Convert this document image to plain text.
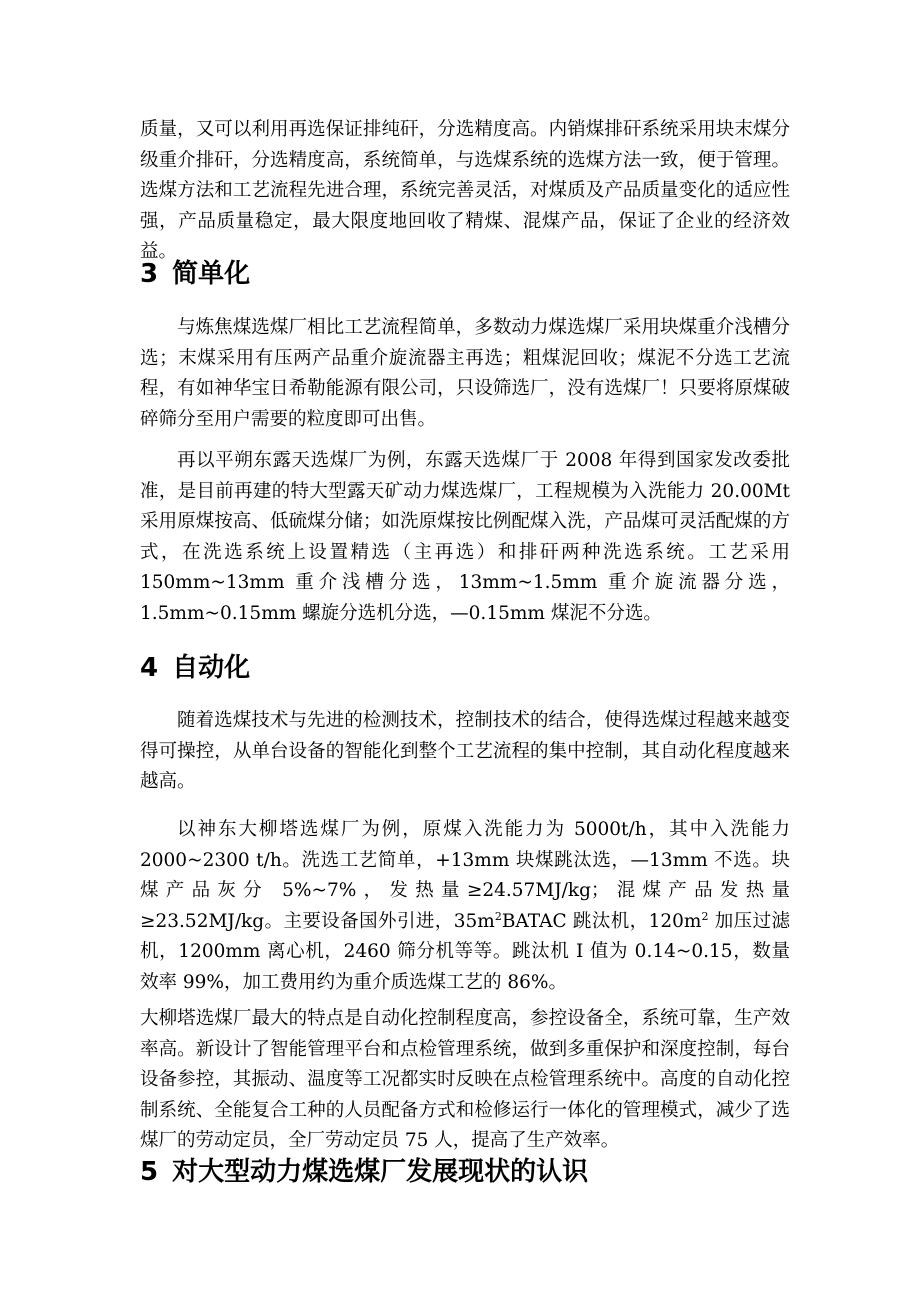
质量，又可以利用再选保证排纯矸，分选精度高。内销煤排矸系统采用块末煤分级重介排矸，分选精度高，系统简单，与选煤系统的选煤方法一致，便于管理。选煤方法和工艺流程先进合理，系统完善灵活，对煤质及产品质量变化的适应性强，产品质量稳定，最大限度地回收了精煤、混煤产品，保证了企业的经济效益。
3 简单化
与炼焦煤选煤厂相比工艺流程简单，多数动力煤选煤厂采用块煤重介浅槽分选；末煤采用有压两产品重介旋流器主再选；粗煤泥回收；煤泥不分选工艺流程，有如神华宝日希勒能源有限公司，只设筛选厂，没有选煤厂！只要将原煤破碎筛分至用户需要的粒度即可出售。
再以平朔东露天选煤厂为例，东露天选煤厂于 2008 年得到国家发改委批准，是目前再建的特大型露天矿动力煤选煤厂，工程规模为入洗能力 20.00Mt 采用原煤按高、低硫煤分储；如洗原煤按比例配煤入洗，产品煤可灵活配煤的方式，在洗选系统上设置精选（主再选）和排矸两种洗选系统。工艺采用 150mm~13mm 重介浅槽分选，13mm~1.5mm 重介旋流器分选，1.5mm~0.15mm 螺旋分选机分选，—0.15mm 煤泥不分选。
4 自动化
随着选煤技术与先进的检测技术，控制技术的结合，使得选煤过程越来越变得可操控，从单台设备的智能化到整个工艺流程的集中控制，其自动化程度越来越高。
以神东大柳塔选煤厂为例，原煤入洗能力为 5000t/h，其中入洗能力 2000~2300 t/h。洗选工艺简单，+13mm 块煤跳汰选，—13mm 不选。块煤产品灰分 5%~7%，发热量≥24.57MJ/kg；混煤产品发热量≥23.52MJ/kg。主要设备国外引进，$35m^2BATAC$ 跳汰机，$120m^2$ 加压过滤机，1200mm 离心机，2460 筛分机等等。跳汰机 I 值为 0.14~0.15，数量效率 99%，加工费用约为重介质选煤工艺的 86%。
大柳塔选煤厂最大的特点是自动化控制程度高，参控设备全，系统可靠，生产效率高。新设计了智能管理平台和点检管理系统，做到多重保护和深度控制，每台设备参控，其振动、温度等工况都实时反映在点检管理系统中。高度的自动化控制系统、全能复合工种的人员配备方式和检修运行一体化的管理模式，减少了选煤厂的劳动定员，全厂劳动定员 75 人，提高了生产效率。
5 对大型动力煤选煤厂发展现状的认识
